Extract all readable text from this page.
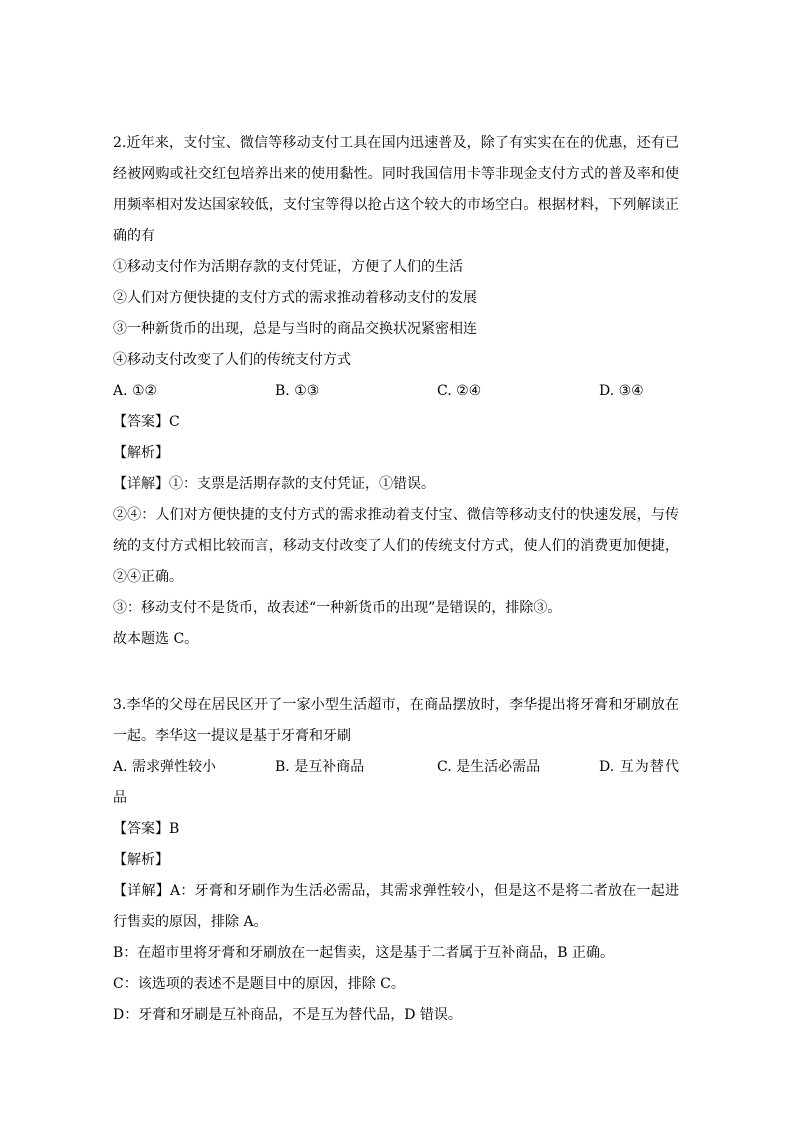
2.近年来，支付宝、微信等移动支付工具在国内迅速普及，除了有实实在在的优惠，还有已经被网购或社交红包培养出来的使用黏性。同时我国信用卡等非现金支付方式的普及率和使用频率相对发达国家较低，支付宝等得以抢占这个较大的市场空白。根据材料，下列解读正确的有
①移动支付作为活期存款的支付凭证，方便了人们的生活
②人们对方便快捷的支付方式的需求推动着移动支付的发展
③一种新货币的出现，总是与当时的商品交换状况紧密相连
④移动支付改变了人们的传统支付方式
A. ①②	B. ①③	C. ②④	D. ③④
【答案】C
【解析】
【详解】①：支票是活期存款的支付凭证，①错误。
②④：人们对方便快捷的支付方式的需求推动着支付宝、微信等移动支付的快速发展，与传统的支付方式相比较而言，移动支付改变了人们的传统支付方式，使人们的消费更加便捷，②④正确。
③：移动支付不是货币，故表述“一种新货币的出现”是错误的，排除③。
故本题选 C。
3.李华的父母在居民区开了一家小型生活超市，在商品摆放时，李华提出将牙膏和牙刷放在一起。李华这一提议是基于牙膏和牙刷
A. 需求弹性较小	B. 是互补商品	C. 是生活必需品	D. 互为替代品
【答案】B
【解析】
【详解】A：牙膏和牙刷作为生活必需品，其需求弹性较小，但是这不是将二者放在一起进行售卖的原因，排除 A。
B：在超市里将牙膏和牙刷放在一起售卖，这是基于二者属于互补商品，B 正确。
C：该选项的表述不是题目中的原因，排除 C。
D：牙膏和牙刷是互补商品，不是互为替代品，D 错误。
